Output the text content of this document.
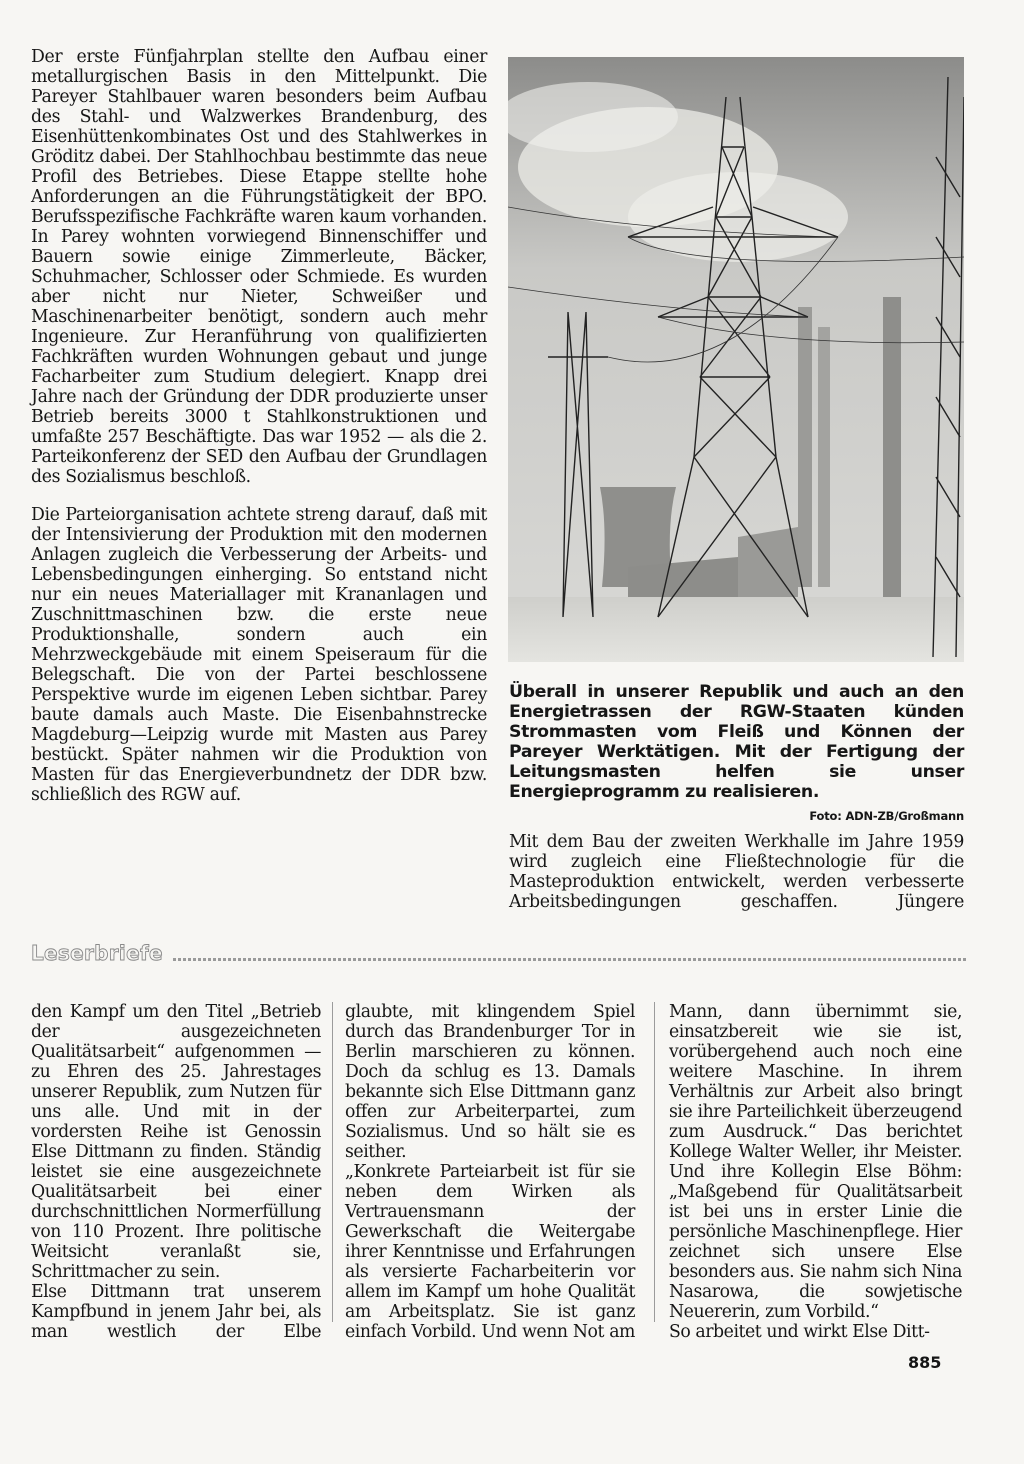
Der erste Fünfjahrplan stellte den Aufbau einer metallurgischen Basis in den Mittelpunkt. Die Pareyer Stahlbauer waren besonders beim Aufbau des Stahl- und Walzwerkes Brandenburg, des Eisenhüttenkombinates Ost und des Stahlwerkes in Gröditz dabei. Der Stahlhochbau bestimmte das neue Profil des Betriebes. Diese Etappe stellte hohe Anforderungen an die Führungstätigkeit der BPO. Berufsspezifische Fachkräfte waren kaum vorhanden. In Parey wohnten vorwiegend Binnenschiffer und Bauern sowie einige Zimmerleute, Bäcker, Schuhmacher, Schlosser oder Schmiede. Es wurden aber nicht nur Nieter, Schweißer und Maschinenarbeiter benötigt, sondern auch mehr Ingenieure. Zur Heranführung von qualifizierten Fachkräften wurden Wohnungen gebaut und junge Facharbeiter zum Studium delegiert. Knapp drei Jahre nach der Gründung der DDR produzierte unser Betrieb bereits 3000 t Stahlkonstruktionen und umfaßte 257 Beschäftigte. Das war 1952 — als die 2. Parteikonferenz der SED den Aufbau der Grundlagen des Sozialismus beschloß.

Die Parteiorganisation achtete streng darauf, daß mit der Intensivierung der Produktion mit den modernen Anlagen zugleich die Verbesserung der Arbeits- und Lebensbedingungen einherging. So entstand nicht nur ein neues Materiallager mit Krananlagen und Zuschnittmaschinen bzw. die erste neue Produktionshalle, sondern auch ein Mehrzweckgebäude mit einem Speiseraum für die Belegschaft. Die von der Partei beschlossene Perspektive wurde im eigenen Leben sichtbar. Parey baute damals auch Maste. Die Eisenbahnstrecke Magdeburg—Leipzig wurde mit Masten aus Parey bestückt. Später nahmen wir die Produktion von Masten für das Energieverbundnetz der DDR bzw. schließlich des RGW auf.

Überall in unserer Republik und auch an den Energietrassen der RGW-Staaten künden Strommasten vom Fleiß und Können der Pareyer Werktätigen. Mit der Fertigung der Leitungsmasten helfen sie unser Energieprogramm zu realisieren.

Foto: ADN-ZB/Großmann

Mit dem Bau der zweiten Werkhalle im Jahre 1959 wird zugleich eine Fließtechnologie für die Masteproduktion entwickelt, werden verbesserte Arbeitsbedingungen geschaffen. Jüngere

Leserbriefe

den Kampf um den Titel „Betrieb der ausgezeichneten Qualitätsarbeit“ aufgenommen — zu Ehren des 25. Jahrestages unserer Republik, zum Nutzen für uns alle. Und mit in der vordersten Reihe ist Genossin Else Dittmann zu finden. Ständig leistet sie eine ausgezeichnete Qualitätsarbeit bei einer durchschnittlichen Normerfüllung von 110 Prozent. Ihre politische Weitsicht veranlaßt sie, Schrittmacher zu sein.

Else Dittmann trat unserem Kampfbund in jenem Jahr bei, als man westlich der Elbe

glaubte, mit klingendem Spiel durch das Brandenburger Tor in Berlin marschieren zu können. Doch da schlug es 13. Damals bekannte sich Else Dittmann ganz offen zur Arbeiterpartei, zum Sozialismus. Und so hält sie es seither.

„Konkrete Parteiarbeit ist für sie neben dem Wirken als Vertrauensmann der Gewerkschaft die Weitergabe ihrer Kenntnisse und Erfahrungen als versierte Facharbeiterin vor allem im Kampf um hohe Qualität am Arbeitsplatz. Sie ist ganz einfach Vorbild. Und wenn Not am

Mann, dann übernimmt sie, einsatzbereit wie sie ist, vorübergehend auch noch eine weitere Maschine. In ihrem Verhältnis zur Arbeit also bringt sie ihre Parteilichkeit überzeugend zum Ausdruck.“ Das berichtet Kollege Walter Weller, ihr Meister. Und ihre Kollegin Else Böhm: „Maßgebend für Qualitätsarbeit ist bei uns in erster Linie die persönliche Maschinenpflege. Hier zeichnet sich unsere Else besonders aus. Sie nahm sich Nina Nasarowa, die sowjetische Neuererin, zum Vorbild.“

So arbeitet und wirkt Else Ditt-

885
